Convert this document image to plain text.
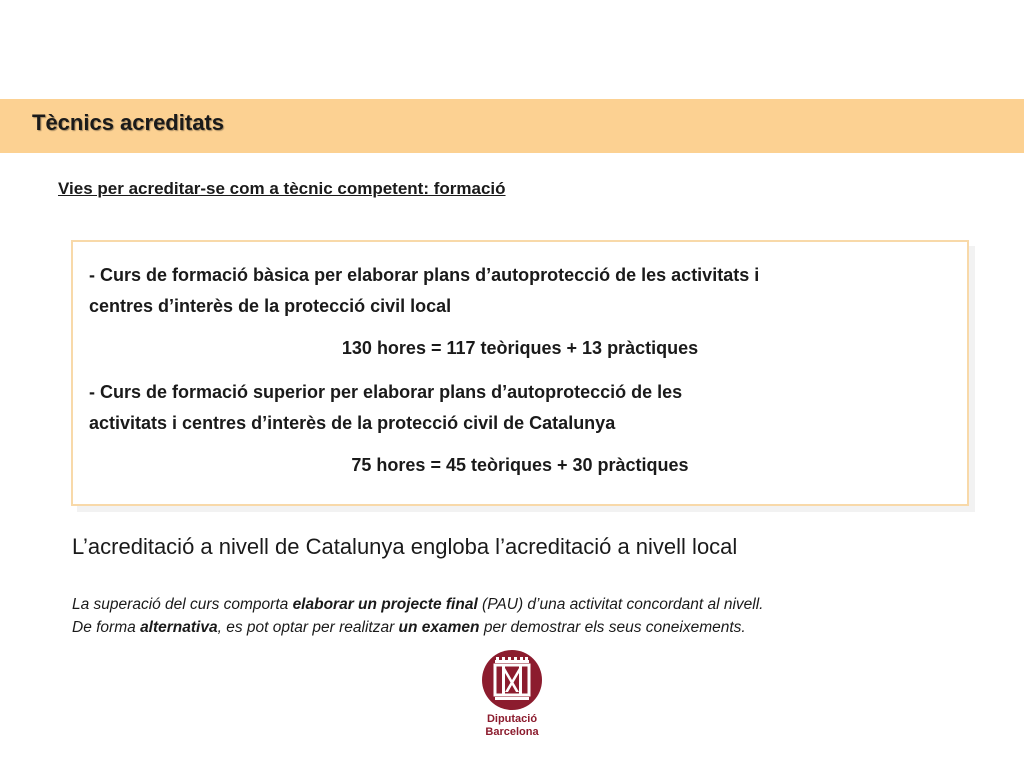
Tècnics acreditats
Vies per acreditar-se com a tècnic competent: formació
- Curs de formació bàsica per elaborar plans d’autoprotecció de les activitats i
centres d’interès de la protecció civil local
130 hores = 117 teòriques + 13 pràctiques
- Curs de formació superior per elaborar plans d’autoprotecció de les
activitats i centres d’interès de la protecció civil de Catalunya
75 hores = 45 teòriques + 30 pràctiques
L’acreditació a nivell de Catalunya engloba l’acreditació a nivell local
La superació del curs comporta elaborar un projecte final (PAU) d’una activitat concordant al nivell.
De forma alternativa, es pot optar per realitzar un examen per demostrar els seus coneixements.
Diputació
Barcelona
